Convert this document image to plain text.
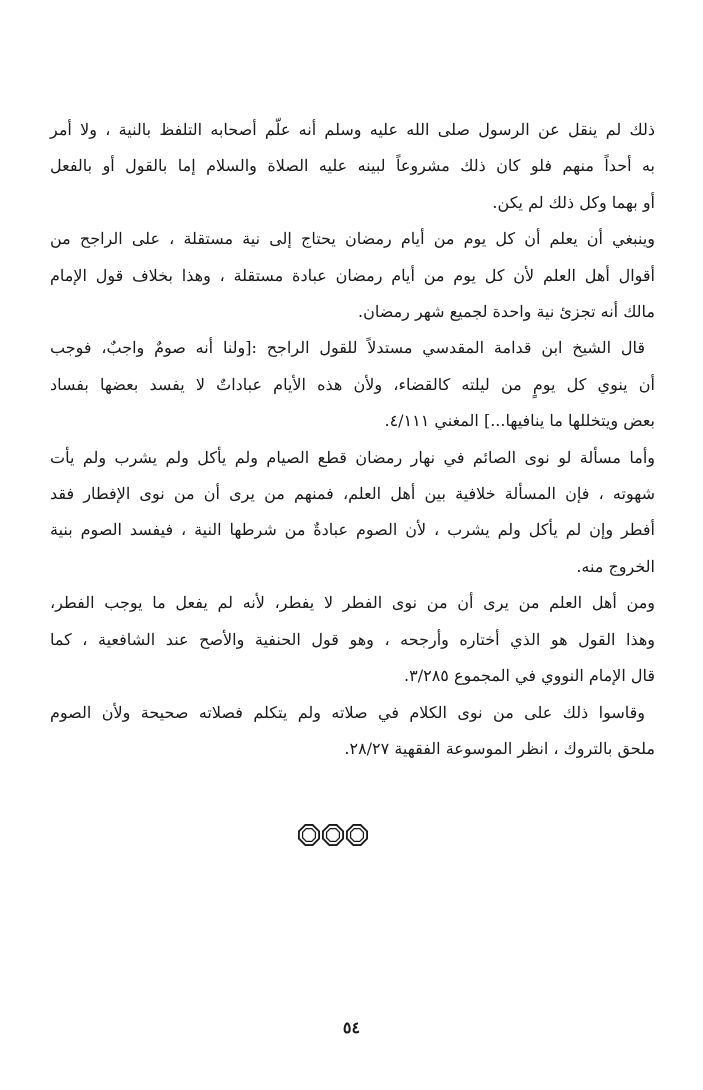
ذلك لم ينقل عن الرسول صلى الله عليه وسلم أنه علّم أصحابه التلفظ بالنية ، ولا أمر
به أحداً منهم فلو كان ذلك مشروعاً لبينه عليه الصلاة والسلام إما بالقول أو بالفعل
أو بهما وكل ذلك لم يكن.

وينبغي أن يعلم أن كل يوم من أيام رمضان يحتاج إلى نية مستقلة ، على الراجح من
أقوال أهل العلم لأن كل يوم من أيام رمضان عبادة مستقلة ، وهذا بخلاف قول الإمام
مالك أنه تجزئ نية واحدة لجميع شهر رمضان.

قال الشيخ ابن قدامة المقدسي مستدلاً للقول الراجح :[ولنا أنه صومٌ واجبٌ، فوجب
أن ينوي كل يومٍ من ليلته كالقضاء، ولأن هذه الأيام عباداتٌ لا يفسد بعضها بفساد
بعض ويتخللها ما ينافيها...] المغني ٤/١١١.

وأما مسألة لو نوى الصائم في نهار رمضان قطع الصيام ولم يأكل ولم يشرب ولم يأت
شهوته ، فإن المسألة خلافية بين أهل العلم، فمنهم من يرى أن من نوى الإفطار فقد
أفطر وإن لم يأكل ولم يشرب ، لأن الصوم عبادةٌ من شرطها النية ، فيفسد الصوم بنية
الخروج منه.

ومن أهل العلم من يرى أن من نوى الفطر لا يفطر، لأنه لم يفعل ما يوجب الفطر،
وهذا القول هو الذي أختاره وأرجحه ، وهو قول الحنفية والأصح عند الشافعية ، كما
قال الإمام النووي في المجموع ٣/٢٨٥.

وقاسوا ذلك على من نوى الكلام في صلاته ولم يتكلم فصلاته صحيحة ولأن الصوم
ملحق بالتروك ، انظر الموسوعة الفقهية ٢٨/٢٧.

٥٤
